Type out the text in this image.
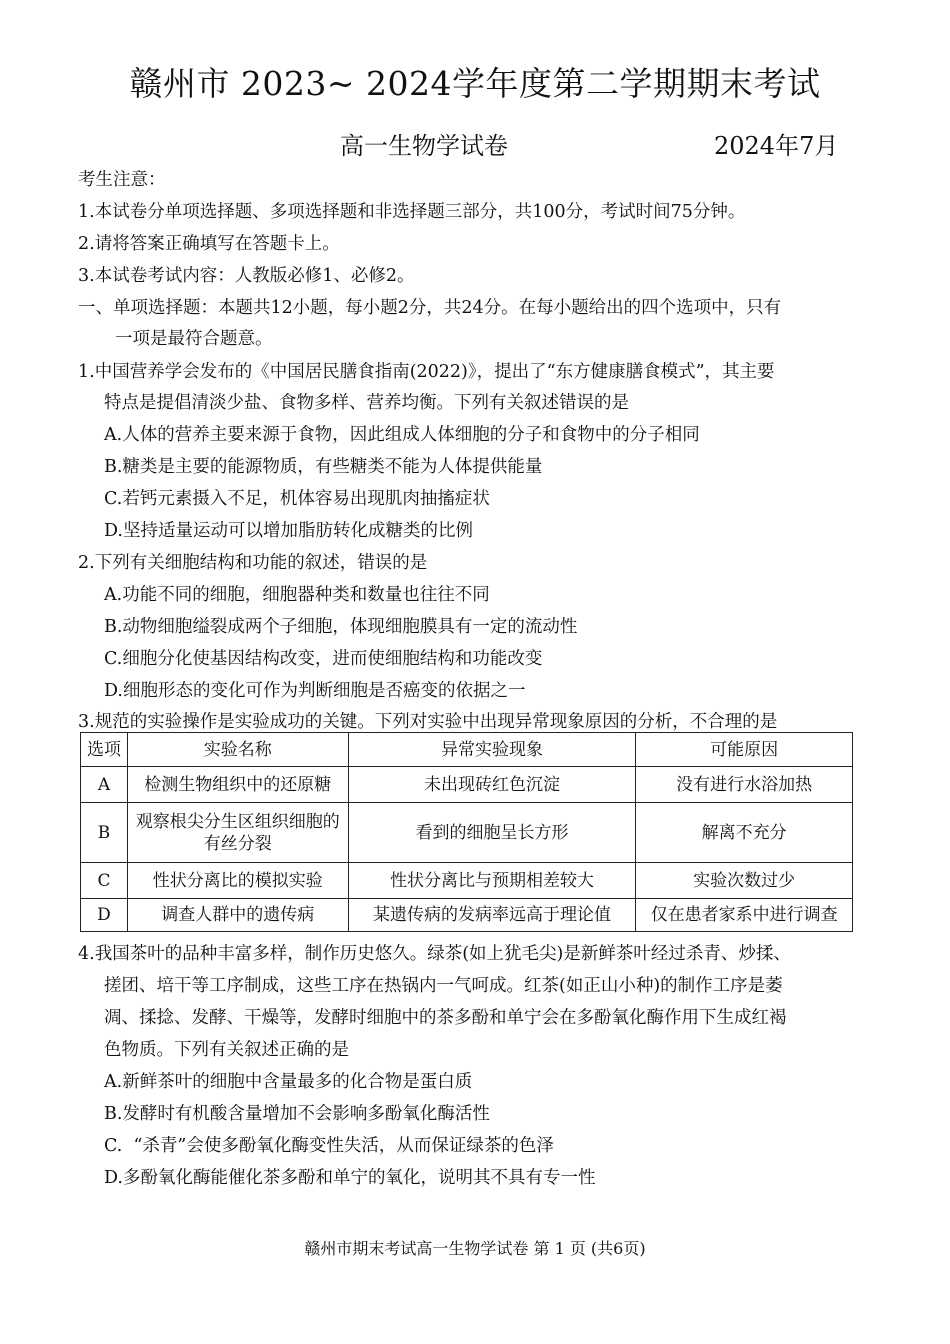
赣州市 2023~ 2024学年度第二学期期末考试
高一生物学试卷	2024年7月
考生注意：
1.本试卷分单项选择题、多项选择题和非选择题三部分，共100分，考试时间75分钟。
2.请将答案正确填写在答题卡上。
3.本试卷考试内容：人教版必修1、必修2。
一、单项选择题：本题共12小题，每小题2分，共24分。在每小题给出的四个选项中，只有
一项是最符合题意。
1.中国营养学会发布的《中国居民膳食指南(2022)》，提出了“东方健康膳食模式”，其主要
特点是提倡清淡少盐、食物多样、营养均衡。下列有关叙述错误的是
A.人体的营养主要来源于食物，因此组成人体细胞的分子和食物中的分子相同
B.糖类是主要的能源物质，有些糖类不能为人体提供能量
C.若钙元素摄入不足，机体容易出现肌肉抽搐症状
D.坚持适量运动可以增加脂肪转化成糖类的比例
2.下列有关细胞结构和功能的叙述，错误的是
A.功能不同的细胞，细胞器种类和数量也往往不同
B.动物细胞缢裂成两个子细胞，体现细胞膜具有一定的流动性
C.细胞分化使基因结构改变，进而使细胞结构和功能改变
D.细胞形态的变化可作为判断细胞是否癌变的依据之一
3.规范的实验操作是实验成功的关键。下列对实验中出现异常现象原因的分析，不合理的是
选项	实验名称	异常实验现象	可能原因
A	检测生物组织中的还原糖	未出现砖红色沉淀	没有进行水浴加热
B	观察根尖分生区组织细胞的
有丝分裂	看到的细胞呈长方形	解离不充分
C	性状分离比的模拟实验	性状分离比与预期相差较大	实验次数过少
D	调查人群中的遗传病	某遗传病的发病率远高于理论值	仅在患者家系中进行调查
4.我国茶叶的品种丰富多样，制作历史悠久。绿茶(如上犹毛尖)是新鲜茶叶经过杀青、炒揉、
搓团、培干等工序制成，这些工序在热锅内一气呵成。红茶(如正山小种)的制作工序是萎
凋、揉捻、发酵、干燥等，发酵时细胞中的茶多酚和单宁会在多酚氧化酶作用下生成红褐
色物质。下列有关叙述正确的是
A.新鲜茶叶的细胞中含量最多的化合物是蛋白质
B.发酵时有机酸含量增加不会影响多酚氧化酶活性
C.  “杀青”会使多酚氧化酶变性失活，从而保证绿茶的色泽
D.多酚氧化酶能催化茶多酚和单宁的氧化，说明其不具有专一性
赣州市期末考试高一生物学试卷 第 1 页 (共6页)
